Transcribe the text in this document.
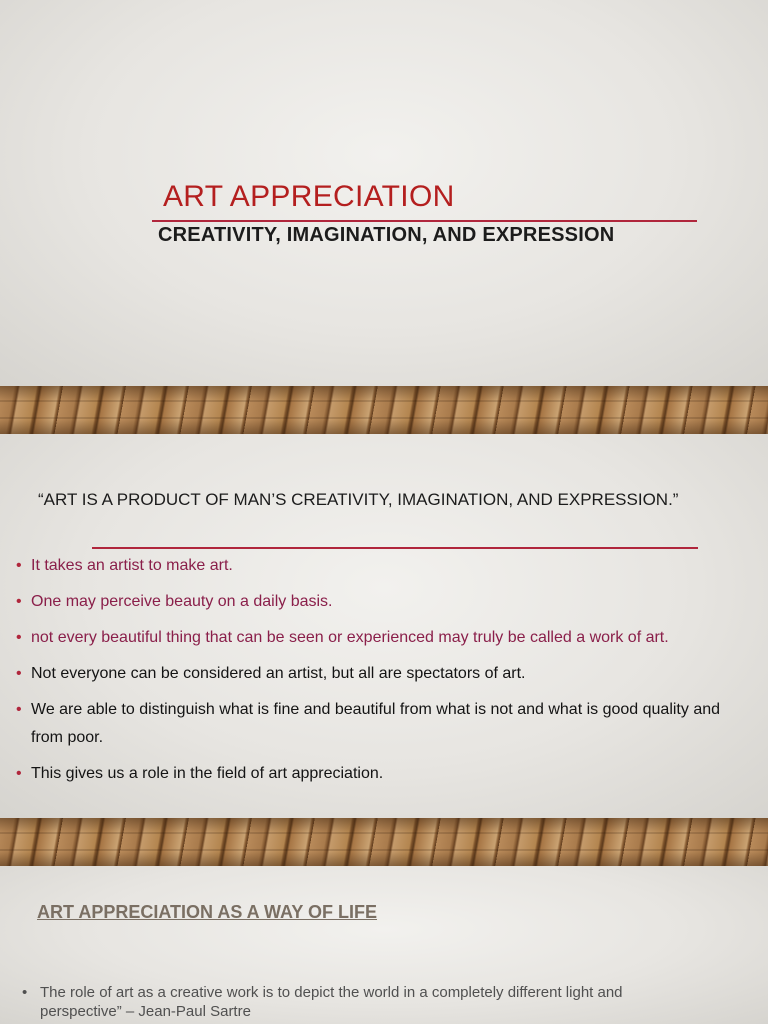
ART APPRECIATION
CREATIVITY, IMAGINATION, AND EXPRESSION

“ART IS A PRODUCT OF MAN’S CREATIVITY, IMAGINATION, AND EXPRESSION.”

• It takes an artist to make art.
• One may perceive beauty on a daily basis.
• not every beautiful thing that can be seen or experienced may truly be called a work of art.
• Not everyone can be considered an artist, but all are spectators of art.
• We are able to distinguish what is fine and beautiful from what is not and what is good quality and from poor.
• This gives us a role in the field of art appreciation.
ART APPRECIATION AS A WAY OF LIFE

• The role of art as a creative work is to depict the world in a completely different light and perspective” – Jean-Paul Sartre
